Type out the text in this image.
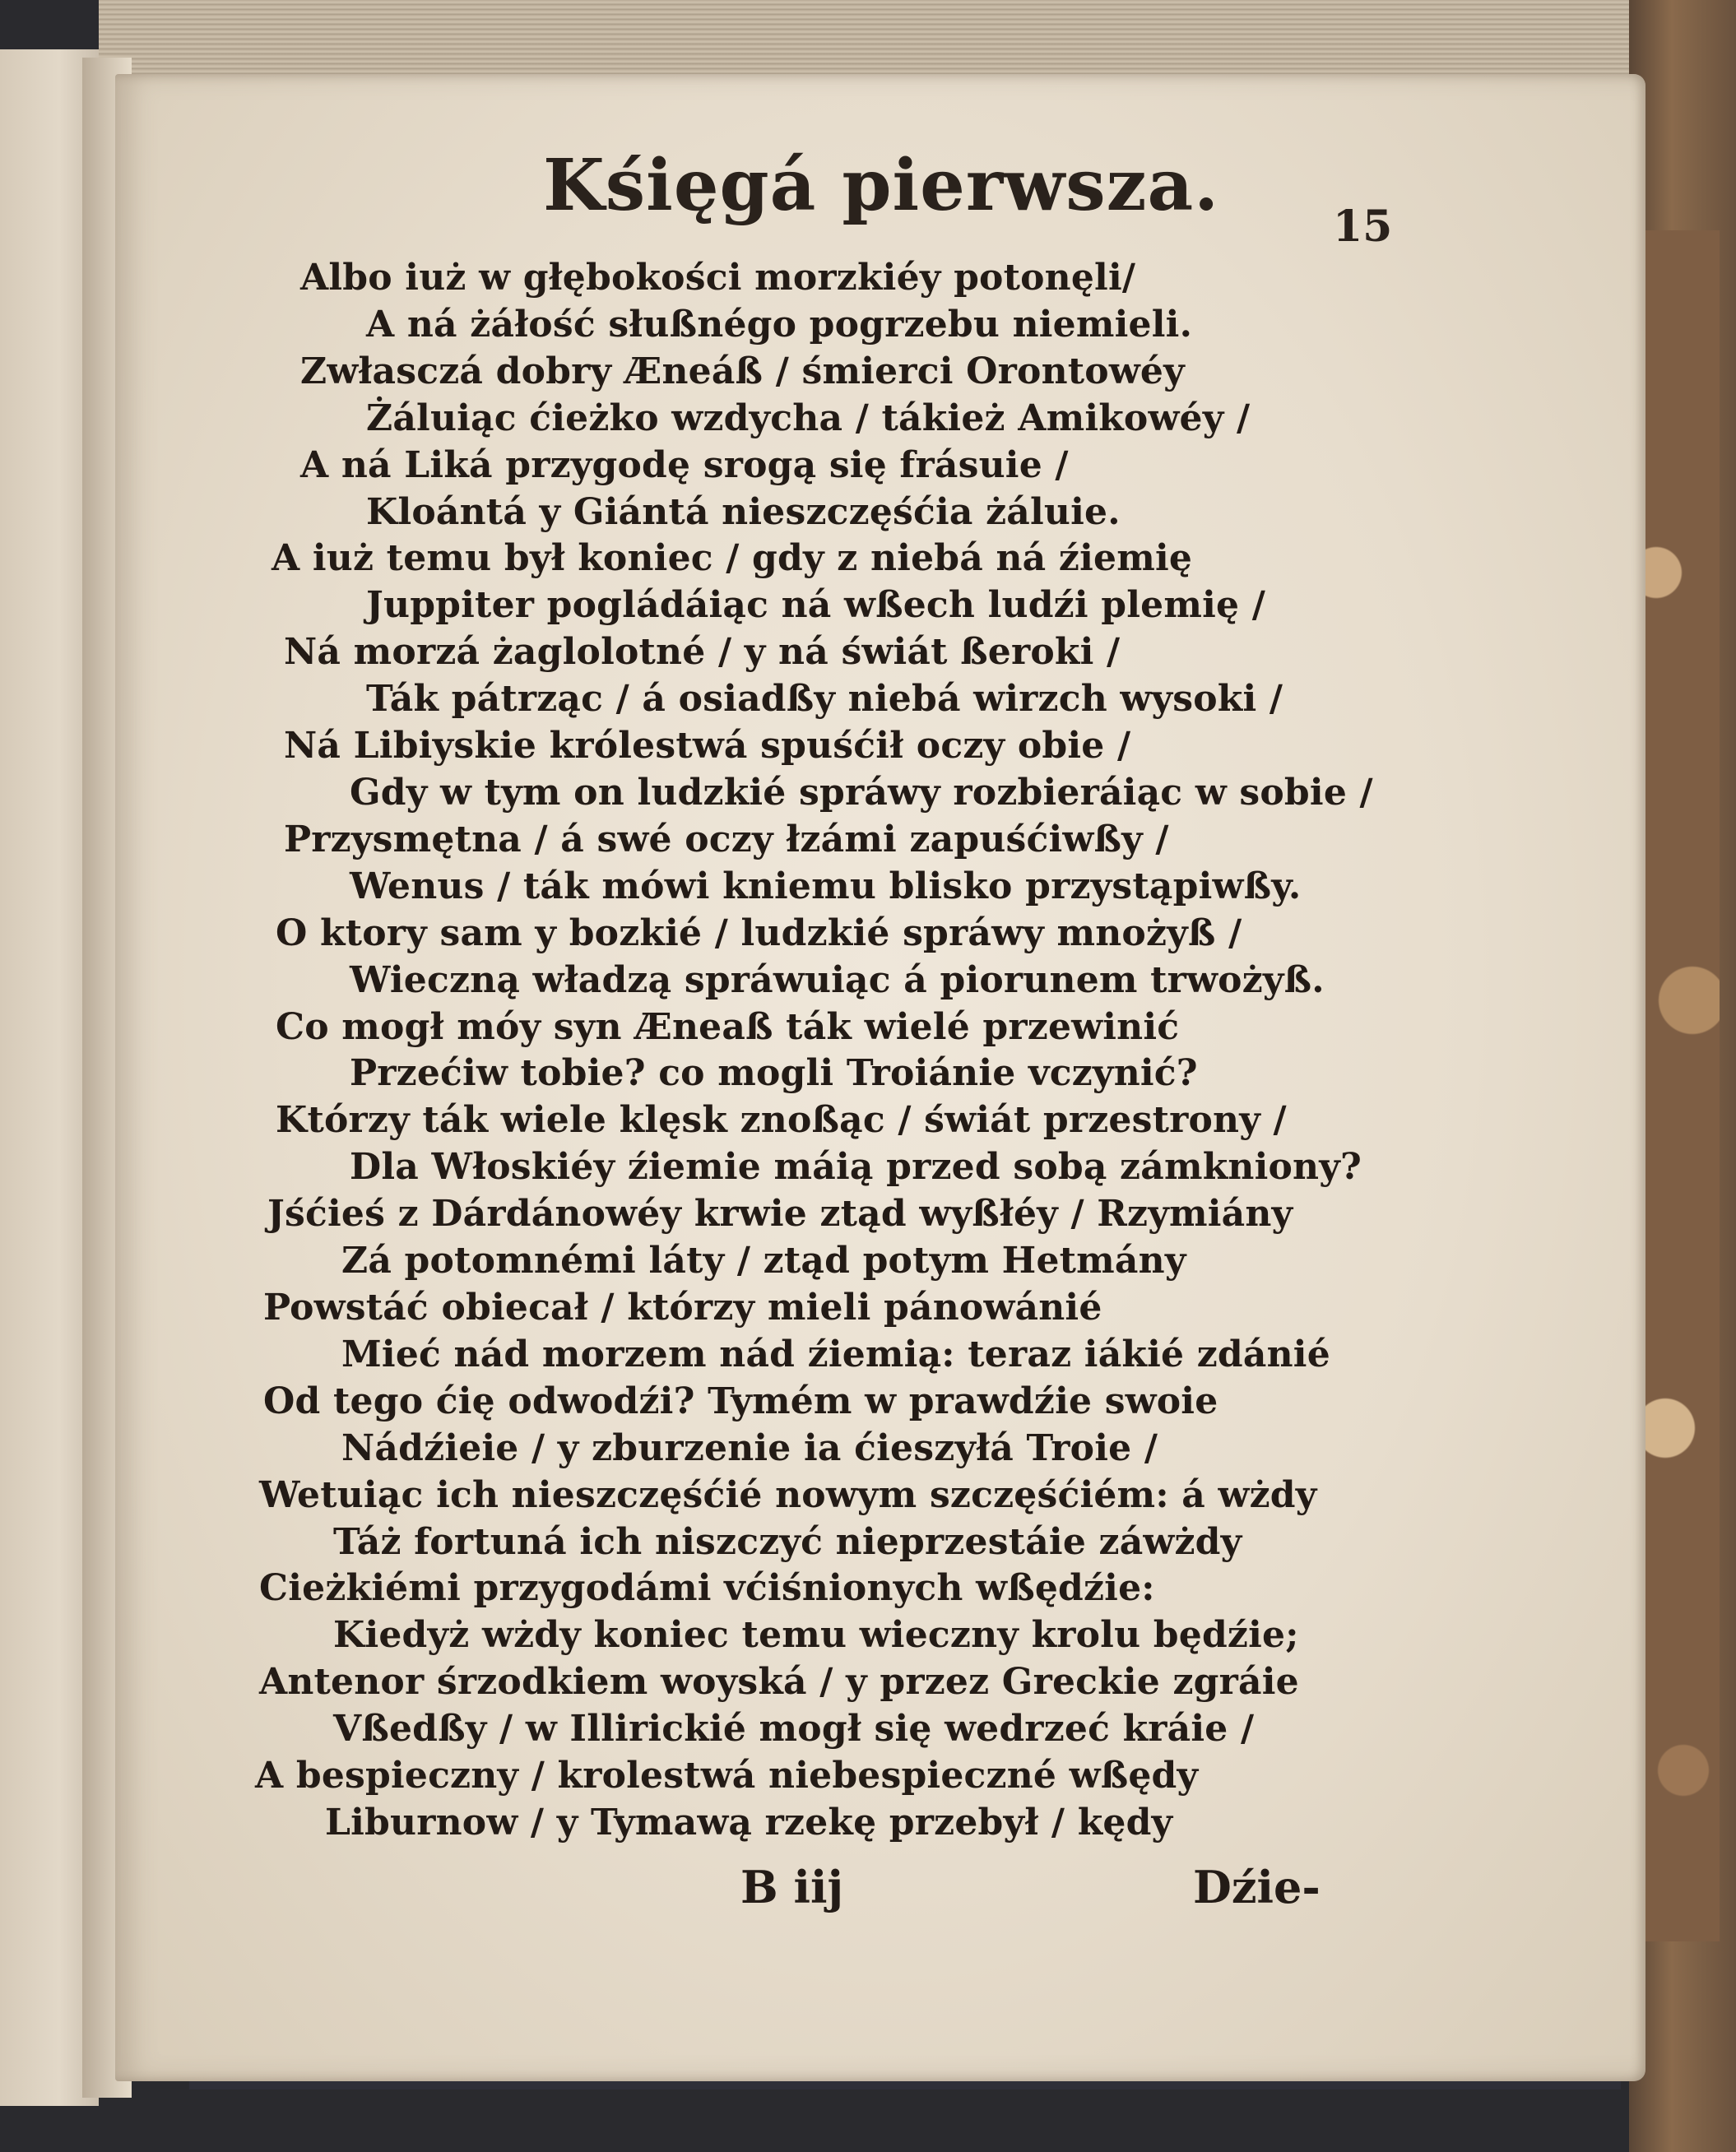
Kśięgá pierwsza.	15
Albo iuż w głębokości morzkiéy potonęli/
A ná żáłość słußnégo pogrzebu niemieli.
Zwłasczá dobry Æneáß / śmierci Orontowéy
Żáluiąc ćieżko wzdycha / tákież Amikowéy /
A ná Liká przygodę srogą się frásuie /
Kloántá y Giántá nieszczęśćia żáluie.
A iuż temu był koniec / gdy z niebá ná źiemię
Juppiter pogládáiąc ná wßech ludźi plemię /
Ná morzá żaglolotné / y ná świát ßeroki /
Ták pátrząc / á osiadßy niebá wirzch wysoki /
Ná Libiyskie królestwá spuśćił oczy obie /
Gdy w tym on ludzkié spráwy rozbieráiąc w sobie /
Przysmętna / á swé oczy łzámi zapuśćiwßy /
Wenus / ták mówi kniemu blisko przystąpiwßy.
O ktory sam y bozkié / ludzkié spráwy mnożyß /
Wieczną władzą spráwuiąc á piorunem trwożyß.
Co mogł móy syn Æneaß ták wielé przewinić
Przećiw tobie? co mogli Troiánie vczynić?
Którzy ták wiele klęsk znoßąc / świát przestrony /
Dla Włoskiéy źiemie máią przed sobą zámkniony?
Jśćieś z Dárdánowéy krwie ztąd wyßłéy / Rzymiány
Zá potomnémi láty / ztąd potym Hetmány
Powstáć obiecał / którzy mieli pánowánié
Mieć nád morzem nád źiemią: teraz iákié zdánié
Od tego ćię odwodźi? Tymém w prawdźie swoie
Nádźieie / y zburzenie ia ćieszyłá Troie /
Wetuiąc ich nieszczęśćié nowym szczęśćiém: á wżdy
Táż fortuná ich niszczyć nieprzestáie záwżdy
Cieżkiémi przygodámi vćiśnionych wßędźie:
Kiedyż wżdy koniec temu wieczny krolu będźie;
Antenor śrzodkiem woyská / y przez Greckie zgráie
Vßedßy / w Illirickié mogł się wedrzeć kráie /
A bespieczny / krolestwá niebespieczné wßędy
Liburnow / y Tymawą rzekę przebył / kędy
B iij	Dźie-
